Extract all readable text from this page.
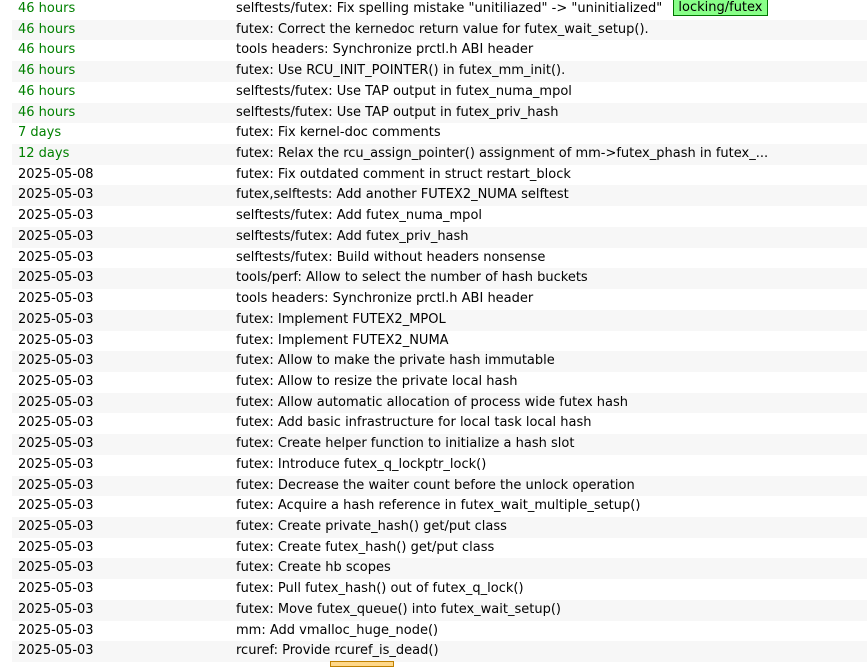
46 hours	selftests/futex: Fix spelling mistake "unitiliazed" -> "uninitialized" locking/futex
46 hours	futex: Correct the kernedoc return value for futex_wait_setup().
46 hours	tools headers: Synchronize prctl.h ABI header
46 hours	futex: Use RCU_INIT_POINTER() in futex_mm_init().
46 hours	selftests/futex: Use TAP output in futex_numa_mpol
46 hours	selftests/futex: Use TAP output in futex_priv_hash
7 days	futex: Fix kernel-doc comments
12 days	futex: Relax the rcu_assign_pointer() assignment of mm->futex_phash in futex_...
2025-05-08	futex: Fix outdated comment in struct restart_block
2025-05-03	futex,selftests: Add another FUTEX2_NUMA selftest
2025-05-03	selftests/futex: Add futex_numa_mpol
2025-05-03	selftests/futex: Add futex_priv_hash
2025-05-03	selftests/futex: Build without headers nonsense
2025-05-03	tools/perf: Allow to select the number of hash buckets
2025-05-03	tools headers: Synchronize prctl.h ABI header
2025-05-03	futex: Implement FUTEX2_MPOL
2025-05-03	futex: Implement FUTEX2_NUMA
2025-05-03	futex: Allow to make the private hash immutable
2025-05-03	futex: Allow to resize the private local hash
2025-05-03	futex: Allow automatic allocation of process wide futex hash
2025-05-03	futex: Add basic infrastructure for local task local hash
2025-05-03	futex: Create helper function to initialize a hash slot
2025-05-03	futex: Introduce futex_q_lockptr_lock()
2025-05-03	futex: Decrease the waiter count before the unlock operation
2025-05-03	futex: Acquire a hash reference in futex_wait_multiple_setup()
2025-05-03	futex: Create private_hash() get/put class
2025-05-03	futex: Create futex_hash() get/put class
2025-05-03	futex: Create hb scopes
2025-05-03	futex: Pull futex_hash() out of futex_q_lock()
2025-05-03	futex: Move futex_queue() into futex_wait_setup()
2025-05-03	mm: Add vmalloc_huge_node()
2025-05-03	rcuref: Provide rcuref_is_dead()
